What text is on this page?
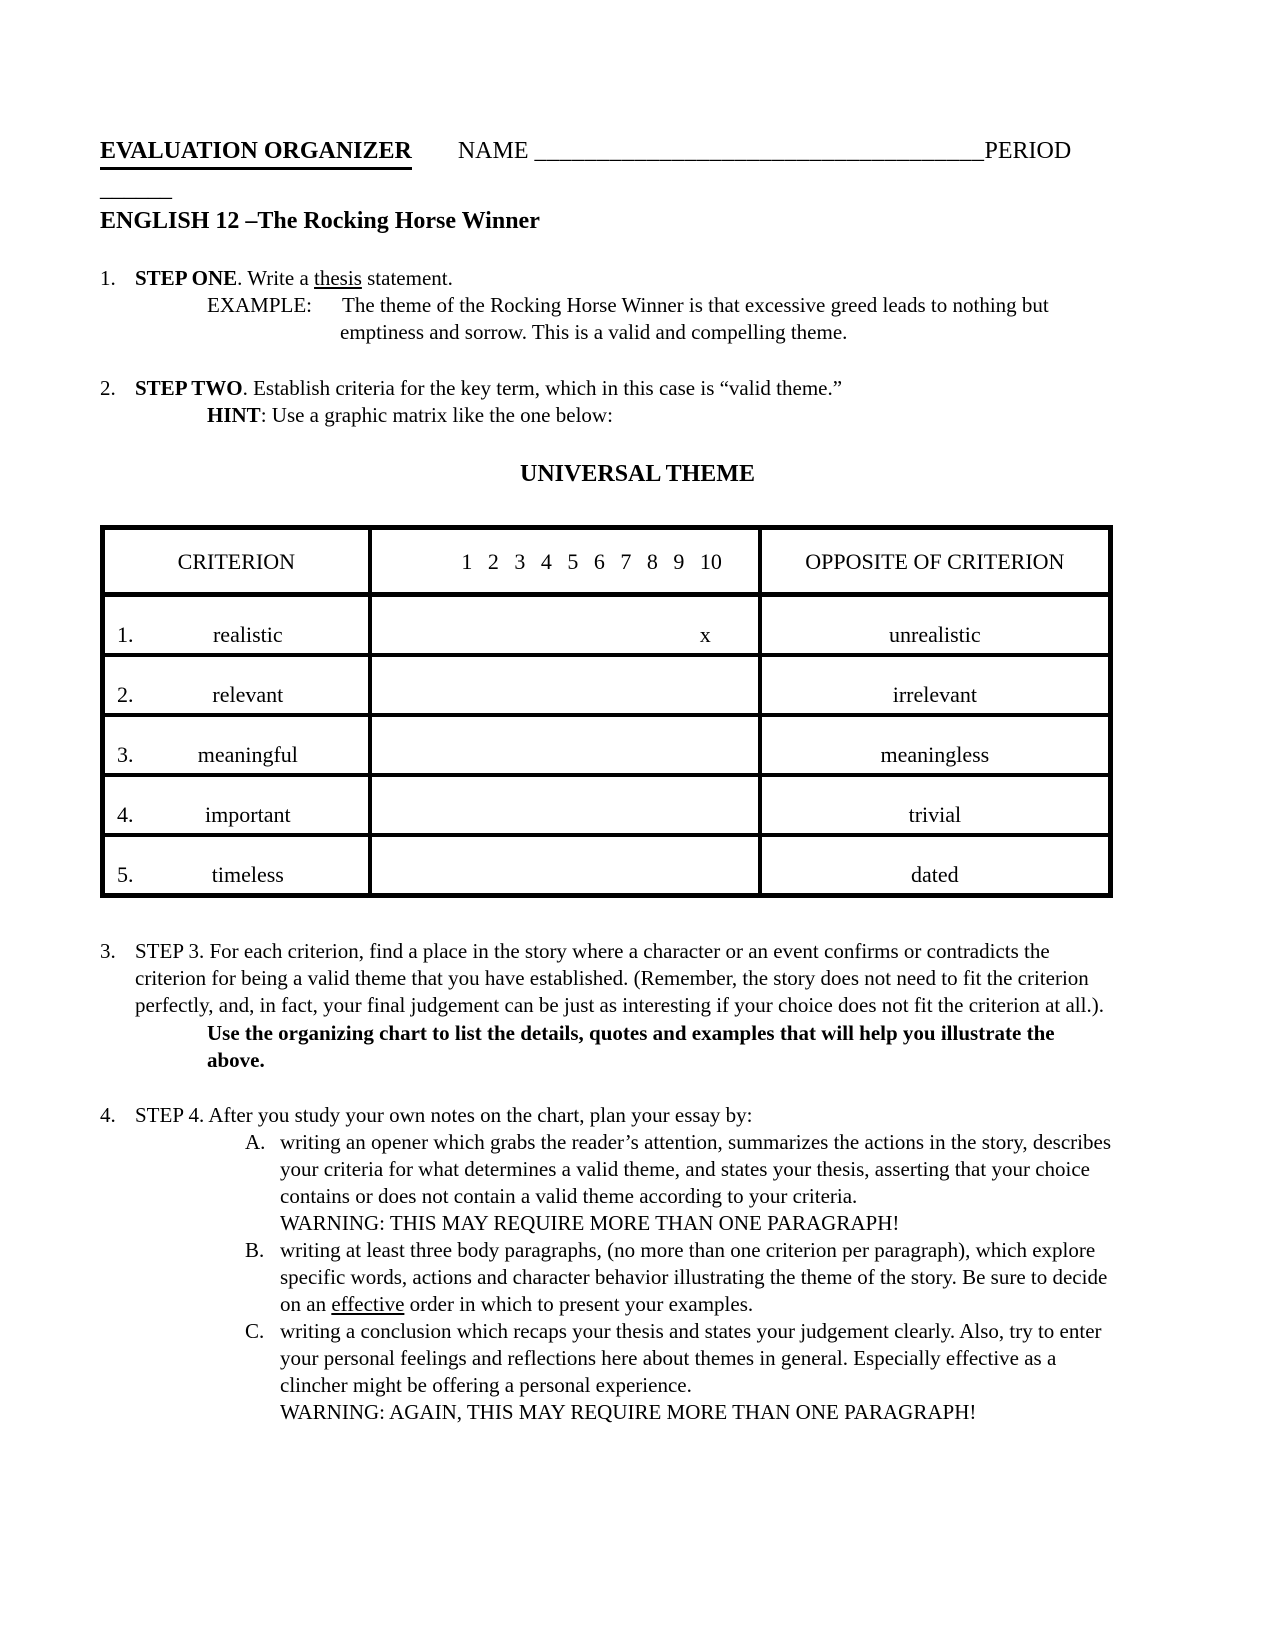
EVALUATION ORGANIZER NAME ____________________________________PERIOD
______
ENGLISH 12 –The Rocking Horse Winner
1. STEP ONE. Write a thesis statement.
EXAMPLE: The theme of the Rocking Horse Winner is that excessive greed leads to nothing but emptiness and sorrow. This is a valid and compelling theme.
2. STEP TWO. Establish criteria for the key term, which in this case is “valid theme.”
HINT: Use a graphic matrix like the one below:
UNIVERSAL THEME
CRITERION	1 2 3 4 5 6 7 8 9 10	OPPOSITE OF CRITERION

1. realistic	x	unrealistic

2. relevant		irrelevant

3. meaningful		meaningless

4. important		trivial

5. timeless		dated
3. STEP 3. For each criterion, find a place in the story where a character or an event confirms or contradicts the criterion for being a valid theme that you have established. (Remember, the story does not need to fit the criterion perfectly, and, in fact, your final judgement can be just as interesting if your choice does not fit the criterion at all.).
Use the organizing chart to list the details, quotes and examples that will help you illustrate the above.
4. STEP 4. After you study your own notes on the chart, plan your essay by:
A. writing an opener which grabs the reader’s attention, summarizes the actions in the story, describes your criteria for what determines a valid theme, and states your thesis, asserting that your choice contains or does not contain a valid theme according to your criteria.
WARNING: THIS MAY REQUIRE MORE THAN ONE PARAGRAPH!
B. writing at least three body paragraphs, (no more than one criterion per paragraph), which explore specific words, actions and character behavior illustrating the theme of the story. Be sure to decide on an effective order in which to present your examples.
C. writing a conclusion which recaps your thesis and states your judgement clearly. Also, try to enter your personal feelings and reflections here about themes in general. Especially effective as a clincher might be offering a personal experience.
WARNING: AGAIN, THIS MAY REQUIRE MORE THAN ONE PARAGRAPH!
